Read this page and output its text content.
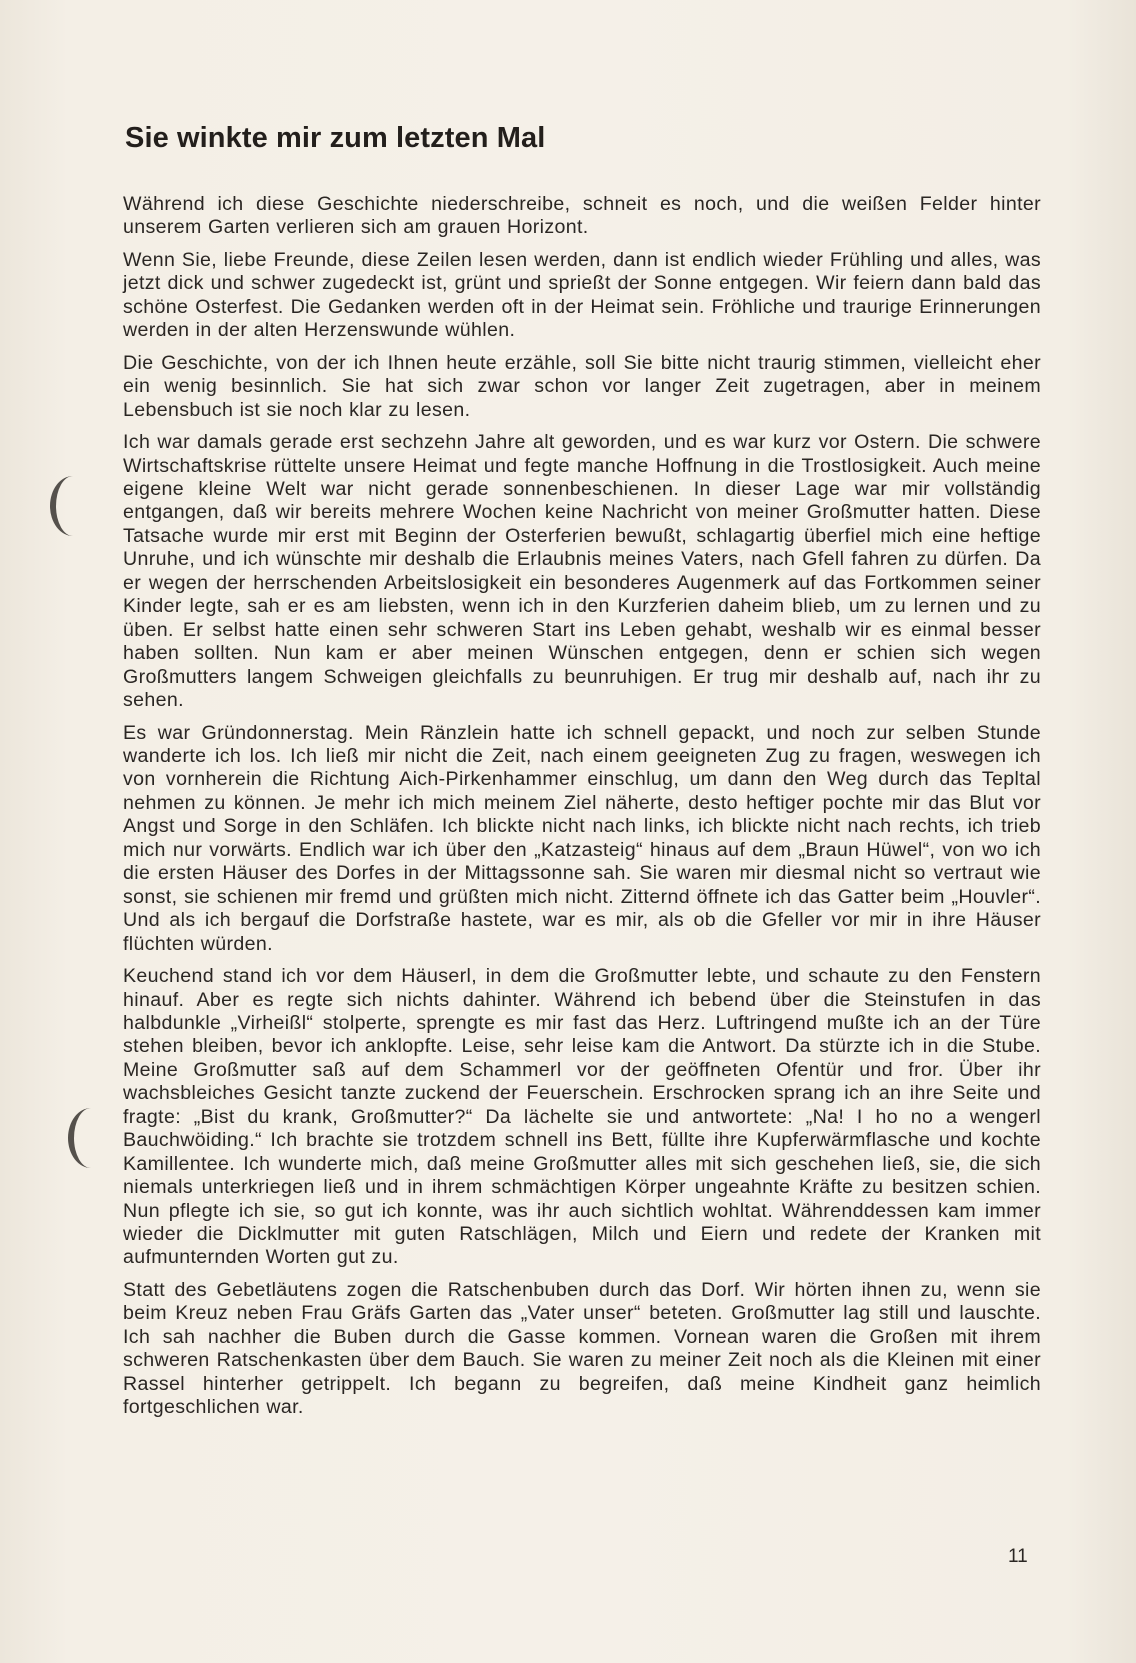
Sie winkte mir zum letzten Mal

Während ich diese Geschichte niederschreibe, schneit es noch, und die weißen Felder hinter unserem Garten verlieren sich am grauen Horizont.

Wenn Sie, liebe Freunde, diese Zeilen lesen werden, dann ist endlich wieder Frühling und alles, was jetzt dick und schwer zugedeckt ist, grünt und sprießt der Sonne entgegen. Wir feiern dann bald das schöne Osterfest. Die Gedanken werden oft in der Heimat sein. Fröhliche und traurige Erinnerungen werden in der alten Herzenswunde wühlen.

Die Geschichte, von der ich Ihnen heute erzähle, soll Sie bitte nicht traurig stimmen, vielleicht eher ein wenig besinnlich. Sie hat sich zwar schon vor langer Zeit zugetragen, aber in meinem Lebensbuch ist sie noch klar zu lesen.

Ich war damals gerade erst sechzehn Jahre alt geworden, und es war kurz vor Ostern. Die schwere Wirtschaftskrise rüttelte unsere Heimat und fegte manche Hoffnung in die Trostlosigkeit. Auch meine eigene kleine Welt war nicht gerade sonnenbeschienen. In dieser Lage war mir vollständig entgangen, daß wir bereits mehrere Wochen keine Nachricht von meiner Großmutter hatten. Diese Tatsache wurde mir erst mit Beginn der Osterferien bewußt, schlagartig überfiel mich eine heftige Unruhe, und ich wünschte mir deshalb die Erlaubnis meines Vaters, nach Gfell fahren zu dürfen. Da er wegen der herrschenden Arbeitslosigkeit ein besonderes Augenmerk auf das Fortkommen seiner Kinder legte, sah er es am liebsten, wenn ich in den Kurzferien daheim blieb, um zu lernen und zu üben. Er selbst hatte einen sehr schweren Start ins Leben gehabt, weshalb wir es einmal besser haben sollten. Nun kam er aber meinen Wünschen entgegen, denn er schien sich wegen Großmutters langem Schweigen gleichfalls zu beunruhigen. Er trug mir deshalb auf, nach ihr zu sehen.

Es war Gründonnerstag. Mein Ränzlein hatte ich schnell gepackt, und noch zur selben Stunde wanderte ich los. Ich ließ mir nicht die Zeit, nach einem geeigneten Zug zu fragen, weswegen ich von vornherein die Richtung Aich-Pirkenhammer einschlug, um dann den Weg durch das Tepltal nehmen zu können. Je mehr ich mich meinem Ziel näherte, desto heftiger pochte mir das Blut vor Angst und Sorge in den Schläfen. Ich blickte nicht nach links, ich blickte nicht nach rechts, ich trieb mich nur vorwärts. Endlich war ich über den „Katzasteig“ hinaus auf dem „Braun Hüwel“, von wo ich die ersten Häuser des Dorfes in der Mittagssonne sah. Sie waren mir diesmal nicht so vertraut wie sonst, sie schienen mir fremd und grüßten mich nicht. Zitternd öffnete ich das Gatter beim „Houvler“. Und als ich bergauf die Dorfstraße hastete, war es mir, als ob die Gfeller vor mir in ihre Häuser flüchten würden.

Keuchend stand ich vor dem Häuserl, in dem die Großmutter lebte, und schaute zu den Fenstern hinauf. Aber es regte sich nichts dahinter. Während ich bebend über die Steinstufen in das halbdunkle „Virheißl“ stolperte, sprengte es mir fast das Herz. Luftringend mußte ich an der Türe stehen bleiben, bevor ich anklopfte. Leise, sehr leise kam die Antwort. Da stürzte ich in die Stube. Meine Großmutter saß auf dem Schammerl vor der geöffneten Ofentür und fror. Über ihr wachsbleiches Gesicht tanzte zuckend der Feuerschein. Erschrocken sprang ich an ihre Seite und fragte: „Bist du krank, Großmutter?“ Da lächelte sie und antwortete: „Na! I ho no a wengerl Bauchwöiding.“ Ich brachte sie trotzdem schnell ins Bett, füllte ihre Kupferwärmflasche und kochte Kamillentee. Ich wunderte mich, daß meine Großmutter alles mit sich geschehen ließ, sie, die sich niemals unterkriegen ließ und in ihrem schmächtigen Körper ungeahnte Kräfte zu besitzen schien. Nun pflegte ich sie, so gut ich konnte, was ihr auch sichtlich wohltat. Währenddessen kam immer wieder die Dicklmutter mit guten Ratschlägen, Milch und Eiern und redete der Kranken mit aufmunternden Worten gut zu.

Statt des Gebetläutens zogen die Ratschenbuben durch das Dorf. Wir hörten ihnen zu, wenn sie beim Kreuz neben Frau Gräfs Garten das „Vater unser“ beteten. Großmutter lag still und lauschte. Ich sah nachher die Buben durch die Gasse kommen. Vornean waren die Großen mit ihrem schweren Ratschenkasten über dem Bauch. Sie waren zu meiner Zeit noch als die Kleinen mit einer Rassel hinterher getrippelt. Ich begann zu begreifen, daß meine Kindheit ganz heimlich fortgeschlichen war.

11
